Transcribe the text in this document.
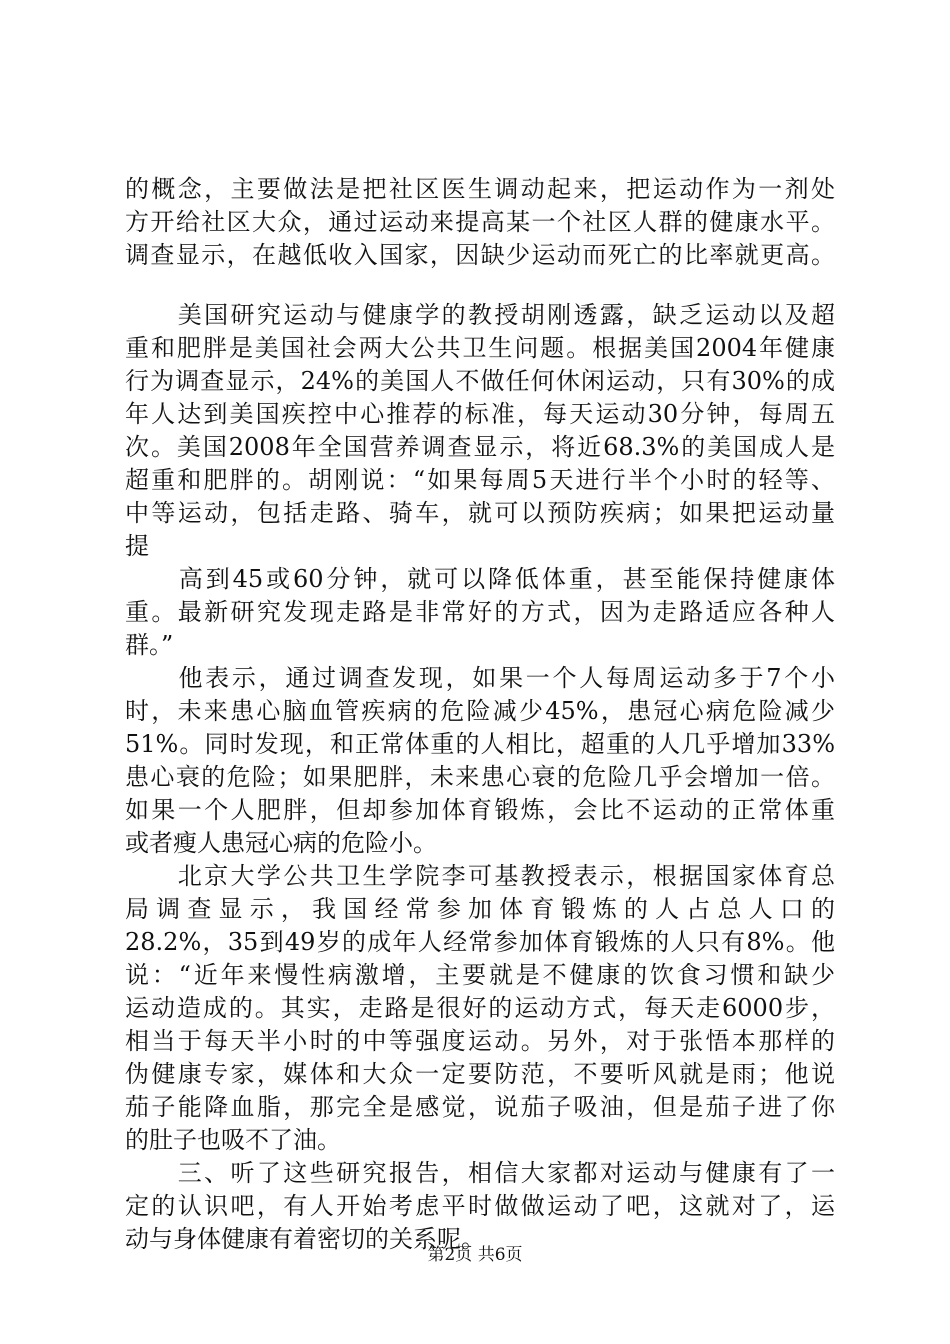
的概念，主要做法是把社区医生调动起来，把运动作为一剂处
方开给社区大众，通过运动来提高某一个社区人群的健康水平。
调查显示，在越低收入国家，因缺少运动而死亡的比率就更高。
　　美国研究运动与健康学的教授胡刚透露，缺乏运动以及超
重和肥胖是美国社会两大公共卫生问题。根据美国2004年健康
行为调查显示，24%的美国人不做任何休闲运动，只有30%的成
年人达到美国疾控中心推荐的标准，每天运动30分钟，每周五
次。美国2008年全国营养调查显示，将近68.3%的美国成人是
超重和肥胖的。胡刚说：“如果每周5天进行半个小时的轻等、
中等运动，包括走路、骑车，就可以预防疾病；如果把运动量
提
　　高到45或60分钟，就可以降低体重，甚至能保持健康体
重。最新研究发现走路是非常好的方式，因为走路适应各种人
群。”
　　他表示，通过调查发现，如果一个人每周运动多于7个小
时，未来患心脑血管疾病的危险减少45%，患冠心病危险减少
51%。同时发现，和正常体重的人相比，超重的人几乎增加33%
患心衰的危险；如果肥胖，未来患心衰的危险几乎会增加一倍。
如果一个人肥胖，但却参加体育锻炼，会比不运动的正常体重
或者瘦人患冠心病的危险小。
　　北京大学公共卫生学院李可基教授表示，根据国家体育总
局调查显示，我国经常参加体育锻炼的人占总人口的
28.2%，35到49岁的成年人经常参加体育锻炼的人只有8%。他
说：“近年来慢性病激增，主要就是不健康的饮食习惯和缺少
运动造成的。其实，走路是很好的运动方式，每天走6000步，
相当于每天半小时的中等强度运动。另外，对于张悟本那样的
伪健康专家，媒体和大众一定要防范，不要听风就是雨；他说
茄子能降血脂，那完全是感觉，说茄子吸油，但是茄子进了你
的肚子也吸不了油。
　　三、听了这些研究报告，相信大家都对运动与健康有了一
定的认识吧，有人开始考虑平时做做运动了吧，这就对了，运
动与身体健康有着密切的关系呢。
第2页 共6页
